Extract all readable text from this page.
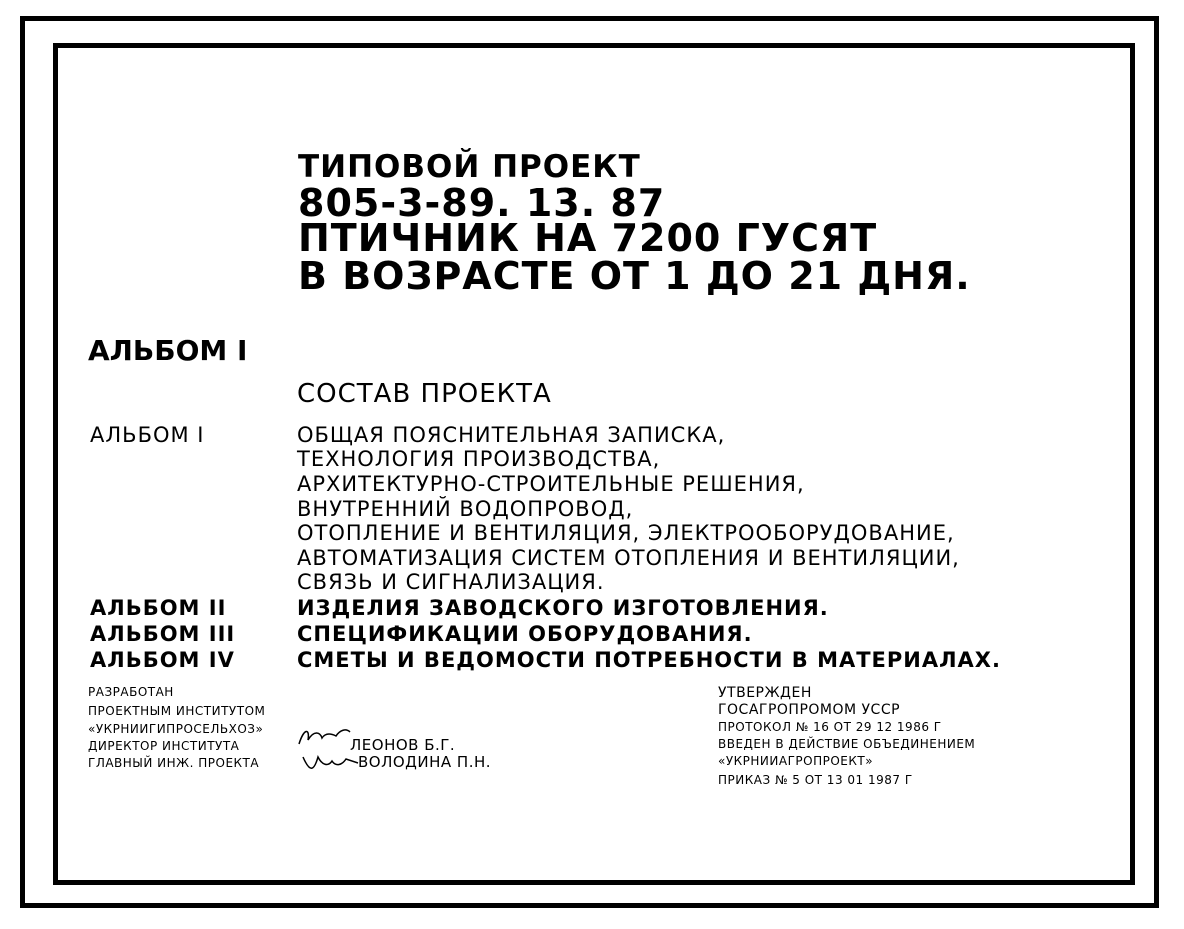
ТИПОВОЙ ПРОЕКТ
805-3-89. 13. 87
ПТИЧНИК НА 7200 ГУСЯТ
В ВОЗРАСТЕ ОТ 1 ДО 21 ДНЯ.
АЛЬБОМ I
СОСТАВ ПРОЕКТА
АЛЬБОМ I	ОБЩАЯ ПОЯСНИТЕЛЬНАЯ ЗАПИСКА,
ТЕХНОЛОГИЯ ПРОИЗВОДСТВА,
АРХИТЕКТУРНО-СТРОИТЕЛЬНЫЕ РЕШЕНИЯ,
ВНУТРЕННИЙ ВОДОПРОВОД,
ОТОПЛЕНИЕ И ВЕНТИЛЯЦИЯ, ЭЛЕКТРООБОРУДОВАНИЕ,
АВТОМАТИЗАЦИЯ СИСТЕМ ОТОПЛЕНИЯ И ВЕНТИЛЯЦИИ,
СВЯЗЬ И СИГНАЛИЗАЦИЯ.
АЛЬБОМ II	ИЗДЕЛИЯ ЗАВОДСКОГО ИЗГОТОВЛЕНИЯ.
АЛЬБОМ III	СПЕЦИФИКАЦИИ ОБОРУДОВАНИЯ.
АЛЬБОМ IV	СМЕТЫ И ВЕДОМОСТИ ПОТРЕБНОСТИ В МАТЕРИАЛАХ.
РАЗРАБОТАН
ПРОЕКТНЫМ ИНСТИТУТОМ
«УКРНИИГИПРОСЕЛЬХОЗ»
ДИРЕКТОР ИНСТИТУТА
ГЛАВНЫЙ ИНЖ. ПРОЕКТА
ЛЕОНОВ Б.Г.
ВОЛОДИНА П.Н.
УТВЕРЖДЕН
ГОСАГРОПРОМОМ УССР
ПРОТОКОЛ № 16 ОТ 29 12 1986 Г
ВВЕДЕН В ДЕЙСТВИЕ ОБЪЕДИНЕНИЕМ
«УКРНИИАГРОПРОЕКТ»
ПРИКАЗ № 5 ОТ 13 01 1987 Г
